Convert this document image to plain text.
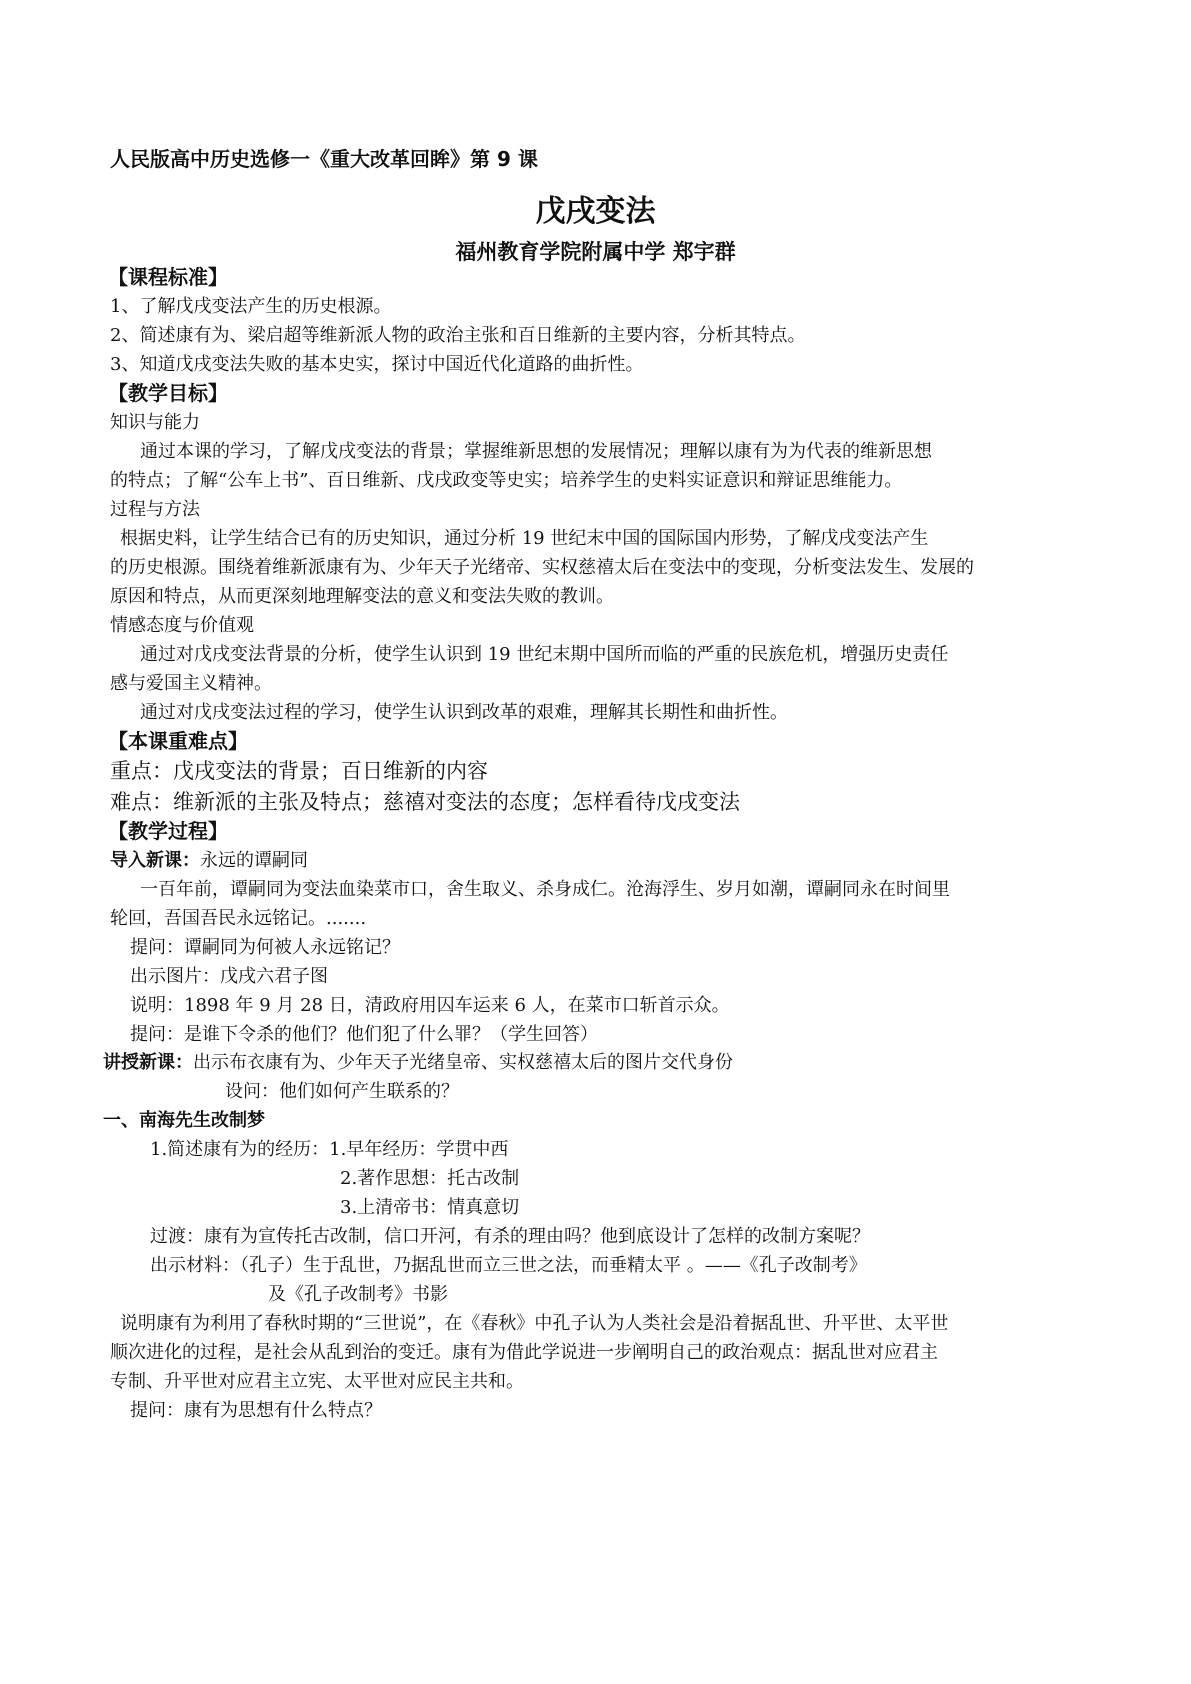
人民版高中历史选修一《重大改革回眸》第 9 课
戊戌变法
福州教育学院附属中学 郑宇群
【课程标准】
1、了解戊戌变法产生的历史根源。
2、简述康有为、梁启超等维新派人物的政治主张和百日维新的主要内容，分析其特点。
3、知道戊戌变法失败的基本史实，探讨中国近代化道路的曲折性。
【教学目标】
知识与能力
通过本课的学习，了解戊戌变法的背景；掌握维新思想的发展情况；理解以康有为为代表的维新思想
的特点；了解“公车上书”、百日维新、戊戌政变等史实；培养学生的史料实证意识和辩证思维能力。
过程与方法
根据史料，让学生结合已有的历史知识，通过分析 19 世纪末中国的国际国内形势，了解戊戌变法产生
的历史根源。围绕着维新派康有为、少年天子光绪帝、实权慈禧太后在变法中的变现，分析变法发生、发展的
原因和特点，从而更深刻地理解变法的意义和变法失败的教训。
情感态度与价值观
通过对戊戌变法背景的分析，使学生认识到 19 世纪末期中国所而临的严重的民族危机，增强历史责任
感与爱国主义精神。
通过对戊戌变法过程的学习，使学生认识到改革的艰难，理解其长期性和曲折性。
【本课重难点】
重点：戊戌变法的背景；百日维新的内容
难点：维新派的主张及特点；慈禧对变法的态度；怎样看待戊戌变法
【教学过程】
导入新课：永远的谭嗣同
一百年前，谭嗣同为变法血染菜市口，舍生取义、杀身成仁。沧海浮生、岁月如潮，谭嗣同永在时间里
轮回，吾国吾民永远铭记。.......
提问：谭嗣同为何被人永远铭记？
出示图片：戊戌六君子图
说明：1898 年 9 月 28 日，清政府用囚车运来 6 人，在菜市口斩首示众。
提问：是谁下令杀的他们？他们犯了什么罪？（学生回答）
讲授新课：出示布衣康有为、少年天子光绪皇帝、实权慈禧太后的图片交代身份
设问：他们如何产生联系的？
一、南海先生改制梦
1.简述康有为的经历：1.早年经历：学贯中西
2.著作思想：托古改制
3.上清帝书：情真意切
过渡：康有为宣传托古改制，信口开河，有杀的理由吗？他到底设计了怎样的改制方案呢？
出示材料：（孔子）生于乱世，乃据乱世而立三世之法，而垂精太平 。——《孔子改制考》
及《孔子改制考》书影
说明康有为利用了春秋时期的“三世说”，在《春秋》中孔子认为人类社会是沿着据乱世、升平世、太平世
顺次进化的过程，是社会从乱到治的变迁。康有为借此学说进一步阐明自己的政治观点：据乱世对应君主
专制、升平世对应君主立宪、太平世对应民主共和。
提问：康有为思想有什么特点？
